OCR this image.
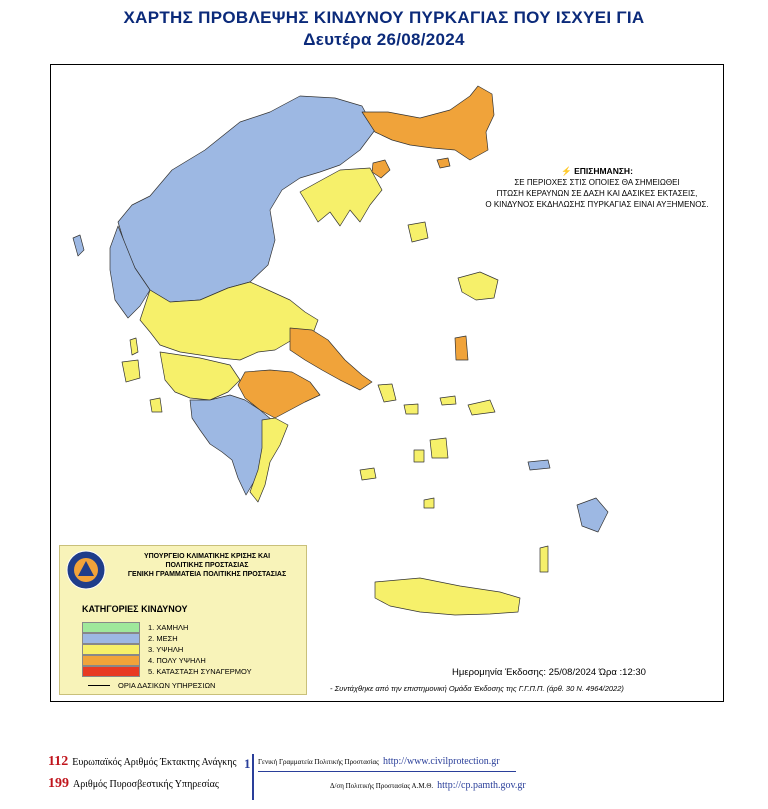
ΧΑΡΤΗΣ ΠΡΟΒΛΕΨΗΣ ΚΙΝΔΥΝΟΥ ΠΥΡΚΑΓΙΑΣ ΠΟΥ ΙΣΧΥΕΙ ΓΙΑ
Δευτέρα 26/08/2024
⚡ ΕΠΙΣΗΜΑΝΣΗ:
ΣΕ ΠΕΡΙΟΧΕΣ ΣΤΙΣ ΟΠΟΙΕΣ ΘΑ ΣΗΜΕΙΩΘΕΙ
ΠΤΩΣΗ ΚΕΡΑΥΝΩΝ ΣΕ ΔΑΣΗ ΚΑΙ ΔΑΣΙΚΕΣ ΕΚΤΑΣΕΙΣ,
Ο ΚΙΝΔΥΝΟΣ ΕΚΔΗΛΩΣΗΣ ΠΥΡΚΑΓΙΑΣ ΕΙΝΑΙ ΑΥΞΗΜΕΝΟΣ.
ΥΠΟΥΡΓΕΙΟ ΚΛΙΜΑΤΙΚΗΣ ΚΡΙΣΗΣ ΚΑΙ
ΠΟΛΙΤΙΚΗΣ ΠΡΟΣΤΑΣΙΑΣ
ΓΕΝΙΚΗ ΓΡΑΜΜΑΤΕΙΑ ΠΟΛΙΤΙΚΗΣ ΠΡΟΣΤΑΣΙΑΣ
ΚΑΤΗΓΟΡΙΕΣ ΚΙΝΔΥΝΟΥ
1. ΧΑΜΗΛΗ
2. ΜΕΣΗ
3. ΥΨΗΛΗ
4. ΠΟΛΥ ΥΨΗΛΗ
5. ΚΑΤΑΣΤΑΣΗ ΣΥΝΑΓΕΡΜΟΥ
ΟΡΙΑ ΔΑΣΙΚΩΝ ΥΠΗΡΕΣΙΩΝ
Ημερομηνία Έκδοσης: 25/08/2024 Ώρα :12:30
- Συντάχθηκε από την επιστημονική Ομάδα Έκδοσης της Γ.Γ.Π.Π. (άρθ. 30 Ν. 4964/2022)
112 Ευρωπαϊκός Αριθμός Έκτακτης Ανάγκης
199 Αριθμός Πυροσβεστικής Υπηρεσίας
1 Γενική Γραμματεία Πολιτικής Προστασίας http://www.civilprotection.gr
Δ/ση Πολιτικής Προστασίας Α.Μ.Θ. http://cp.pamth.gov.gr
